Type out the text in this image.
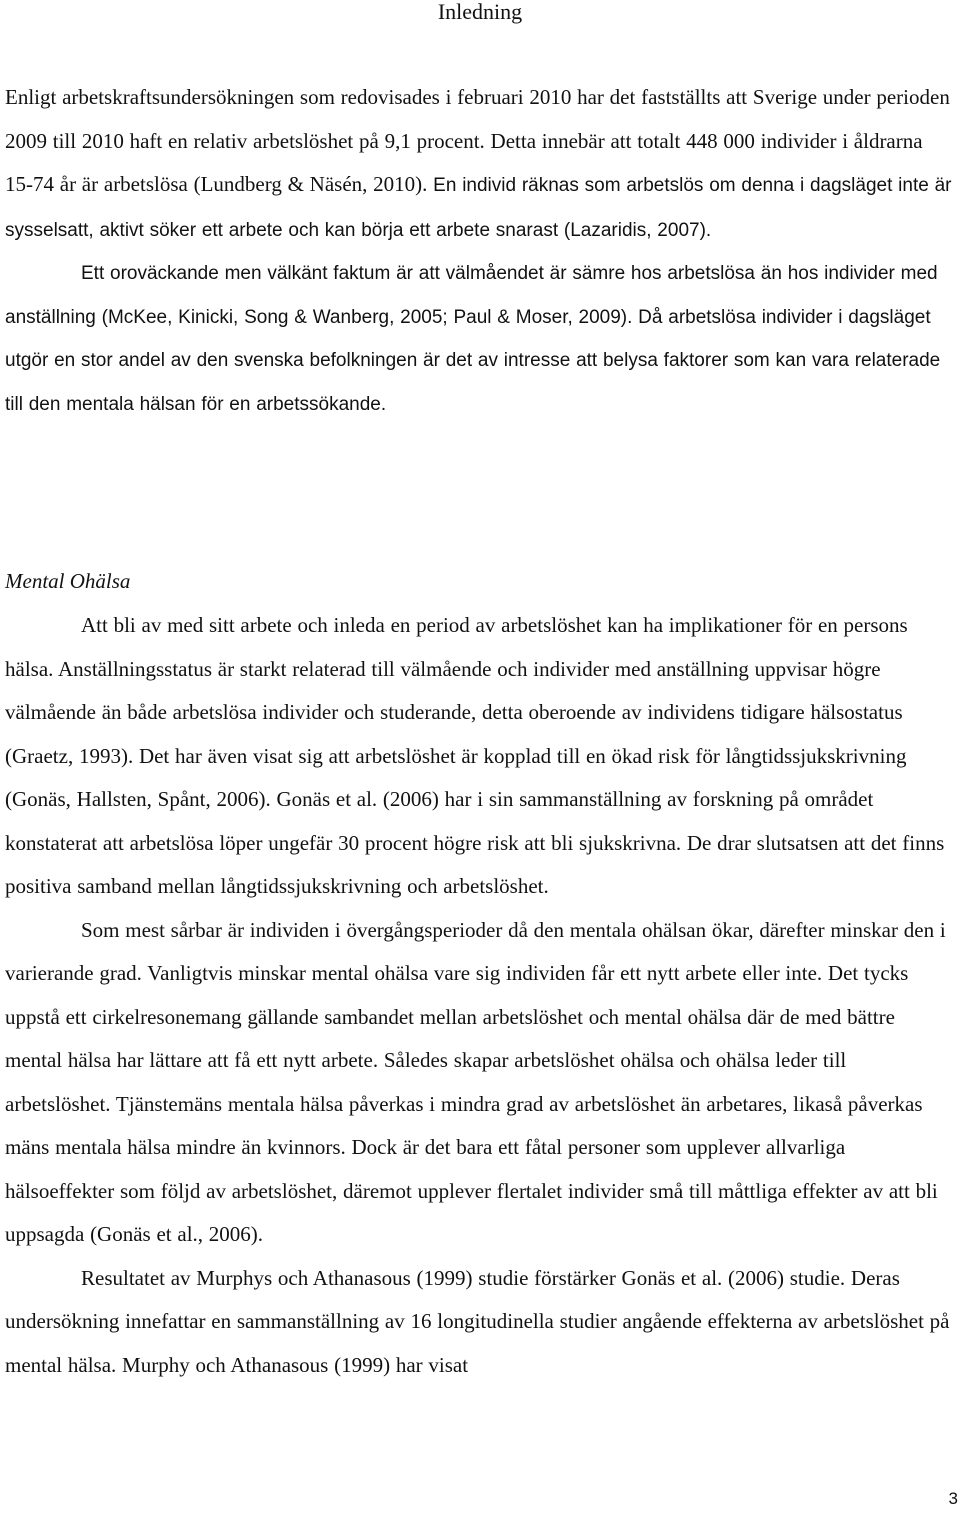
Inledning

Enligt arbetskraftsundersökningen som redovisades i februari 2010 har det fastställts att Sverige under perioden 2009 till 2010 haft en relativ arbetslöshet på 9,1 procent. Detta innebär att totalt 448 000 individer i åldrarna 15-74 år är arbetslösa (Lundberg & Näsén, 2010). En individ räknas som arbetslös om denna i dagsläget inte är sysselsatt, aktivt söker ett arbete och kan börja ett arbete snarast (Lazaridis, 2007).

Ett oroväckande men välkänt faktum är att välmåendet är sämre hos arbetslösa än hos individer med anställning (McKee, Kinicki, Song & Wanberg, 2005; Paul & Moser, 2009). Då arbetslösa individer i dagsläget utgör en stor andel av den svenska befolkningen är det av intresse att belysa faktorer som kan vara relaterade till den mentala hälsan för en arbetssökande.

Mental Ohälsa

Att bli av med sitt arbete och inleda en period av arbetslöshet kan ha implikationer för en persons hälsa. Anställningsstatus är starkt relaterad till välmående och individer med anställning uppvisar högre välmående än både arbetslösa individer och studerande, detta oberoende av individens tidigare hälsostatus (Graetz, 1993). Det har även visat sig att arbetslöshet är kopplad till en ökad risk för långtidssjukskrivning (Gonäs, Hallsten, Spånt, 2006). Gonäs et al. (2006) har i sin sammanställning av forskning på området konstaterat att arbetslösa löper ungefär 30 procent högre risk att bli sjukskrivna. De drar slutsatsen att det finns positiva samband mellan långtidssjukskrivning och arbetslöshet.

Som mest sårbar är individen i övergångsperioder då den mentala ohälsan ökar, därefter minskar den i varierande grad. Vanligtvis minskar mental ohälsa vare sig individen får ett nytt arbete eller inte. Det tycks uppstå ett cirkelresonemang gällande sambandet mellan arbetslöshet och mental ohälsa där de med bättre mental hälsa har lättare att få ett nytt arbete. Således skapar arbetslöshet ohälsa och ohälsa leder till arbetslöshet. Tjänstemäns mentala hälsa påverkas i mindra grad av arbetslöshet än arbetares, likaså påverkas mäns mentala hälsa mindre än kvinnors. Dock är det bara ett fåtal personer som upplever allvarliga hälsoeffekter som följd av arbetslöshet, däremot upplever flertalet individer små till måttliga effekter av att bli uppsagda (Gonäs et al., 2006).

Resultatet av Murphys och Athanasous (1999) studie förstärker Gonäs et al. (2006) studie. Deras undersökning innefattar en sammanställning av 16 longitudinella studier angående effekterna av arbetslöshet på mental hälsa. Murphy och Athanasous (1999) har visat

3
